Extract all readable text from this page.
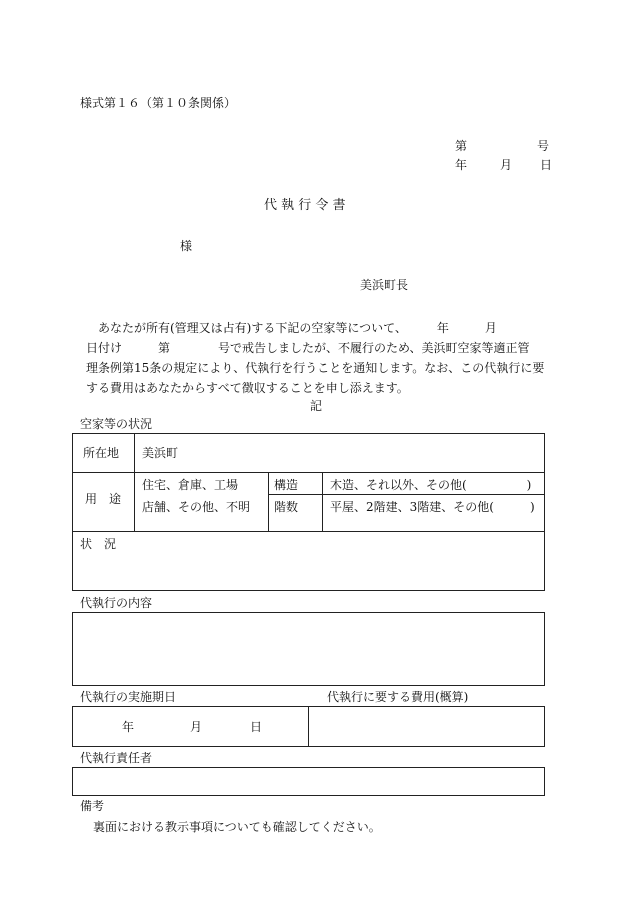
様式第１６（第１０条関係）
第	号
年	月 日
代 執 行 令 書
様
美浜町長

あなたが所有(管理又は占有)する下記の空家等について、　　　年　　　月

日付け　　　第　　　　号で戒告しましたが、不履行のため、美浜町空家等適正管

理条例第15条の規定により、代執行を行うことを通知します。なお、この代執行に要

する費用はあなたからすべて徴収することを申し添えます。

記
空家等の状況
所在地 美浜町
用　途
住宅、倉庫、工場
店舗、その他、不明
構造	木造、それ以外、その他(　　　　　)
階数	平屋、2階建、3階建、その他(　　　)
状　況
代執行の内容
代執行の実施期日	代執行に要する費用(概算)
年	月	日
代執行責任者
備考
裏面における教示事項についても確認してください。
